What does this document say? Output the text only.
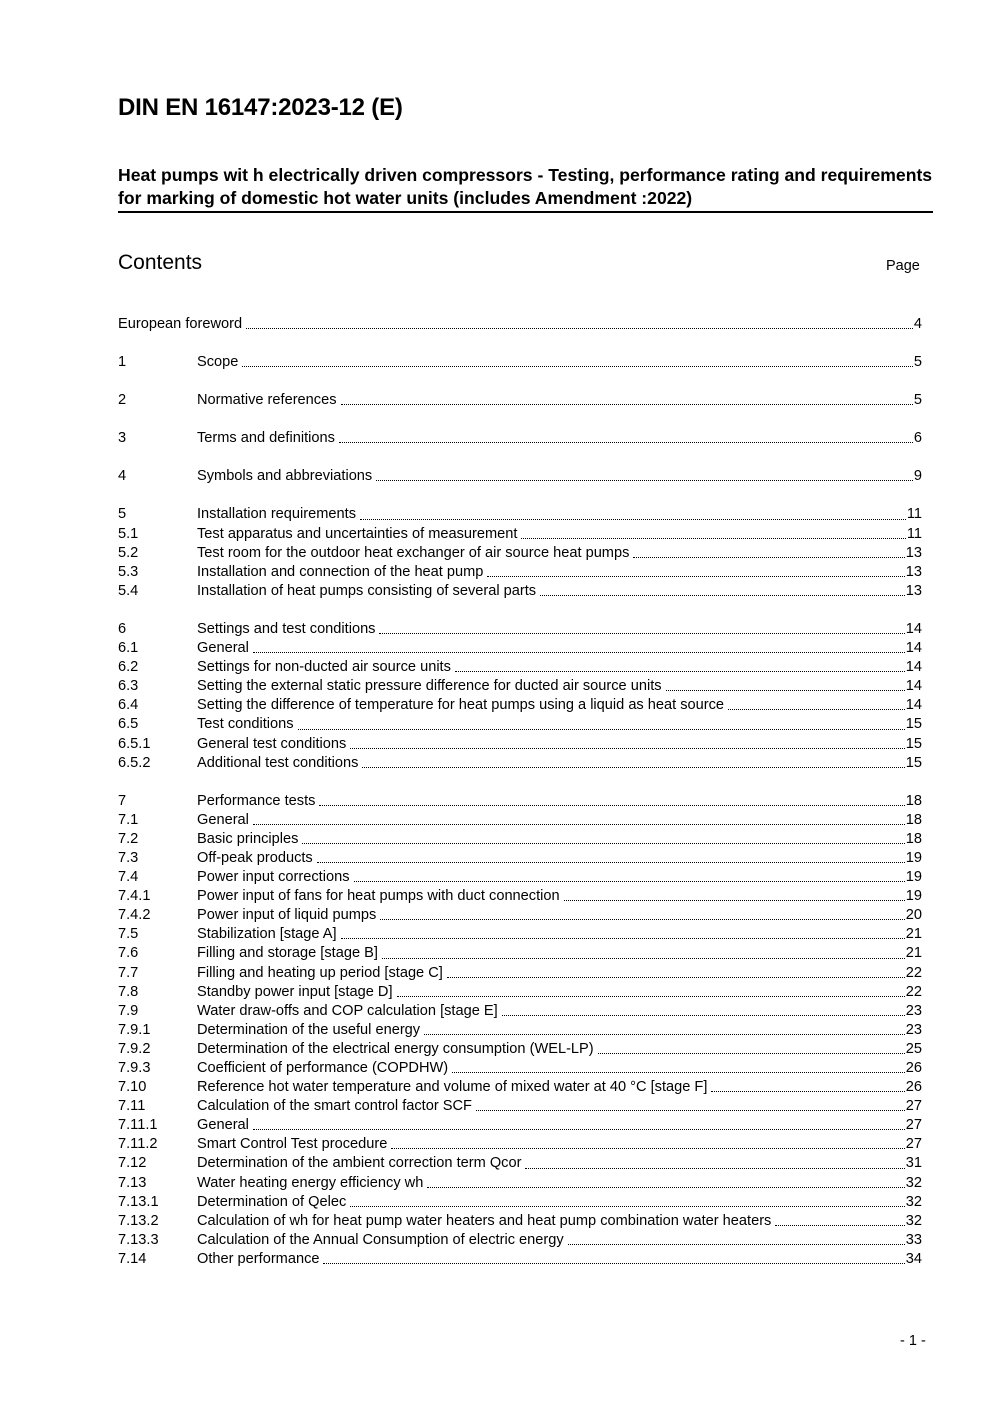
DIN EN 16147:2023-12 (E)
Heat pumps wit h electrically driven compressors - Testing, performance rating and requirements for marking of domestic hot water units (includes Amendment :2022)
Contents	Page
European foreword	4
1	Scope	5
2	Normative references	5
3	Terms and definitions	6
4	Symbols and abbreviations	9
5	Installation requirements	11
5.1	Test apparatus and uncertainties of measurement	11
5.2	Test room for the outdoor heat exchanger of air source heat pumps	13
5.3	Installation and connection of the heat pump	13
5.4	Installation of heat pumps consisting of several parts	13
6	Settings and test conditions	14
6.1	General	14
6.2	Settings for non-ducted air source units	14
6.3	Setting the external static pressure difference for ducted air source units	14
6.4	Setting the difference of temperature for heat pumps using a liquid as heat source	14
6.5	Test conditions	15
6.5.1	General test conditions	15
6.5.2	Additional test conditions	15
7	Performance tests	18
7.1	General	18
7.2	Basic principles	18
7.3	Off-peak products	19
7.4	Power input corrections	19
7.4.1	Power input of fans for heat pumps with duct connection	19
7.4.2	Power input of liquid pumps	20
7.5	Stabilization [stage A]	21
7.6	Filling and storage [stage B]	21
7.7	Filling and heating up period [stage C]	22
7.8	Standby power input [stage D]	22
7.9	Water draw-offs and COP calculation [stage E]	23
7.9.1	Determination of the useful energy	23
7.9.2	Determination of the electrical energy consumption (WEL-LP)	25
7.9.3	Coefficient of performance (COPDHW)	26
7.10	Reference hot water temperature and volume of mixed water at 40 °C [stage F]	26
7.11	Calculation of the smart control factor SCF	27
7.11.1	General	27
7.11.2	Smart Control Test procedure	27
7.12	Determination of the ambient correction term Qcor	31
7.13	Water heating energy efficiency wh	32
7.13.1	Determination of Qelec	32
7.13.2	Calculation of wh for heat pump water heaters and heat pump combination water heaters	32
7.13.3	Calculation of the Annual Consumption of electric energy	33
7.14	Other performance	34
- 1 -
